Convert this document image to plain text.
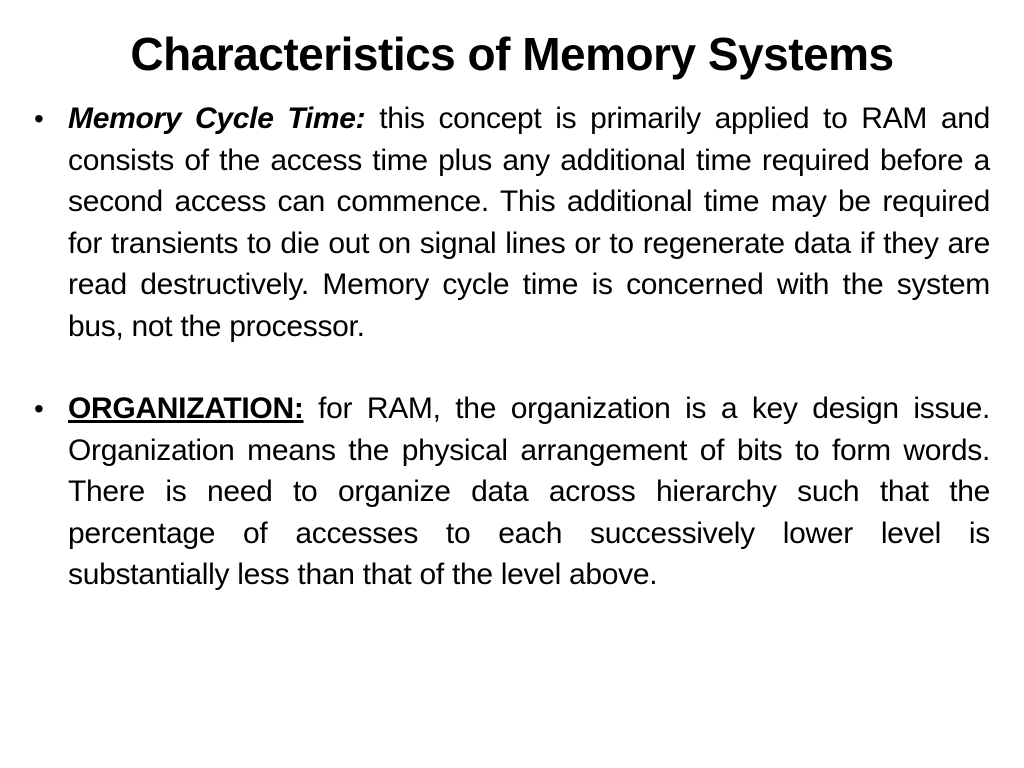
Characteristics of Memory Systems
• Memory Cycle Time: this concept is primarily applied to RAM and consists of the access time plus any additional time required before a second access can commence. This additional time may be required for transients to die out on signal lines or to regenerate data if they are read destructively. Memory cycle time is concerned with the system bus, not the processor.
• ORGANIZATION: for RAM, the organization is a key design issue. Organization means the physical arrangement of bits to form words. There is need to organize data across hierarchy such that the percentage of accesses to each successively lower level is substantially less than that of the level above.
